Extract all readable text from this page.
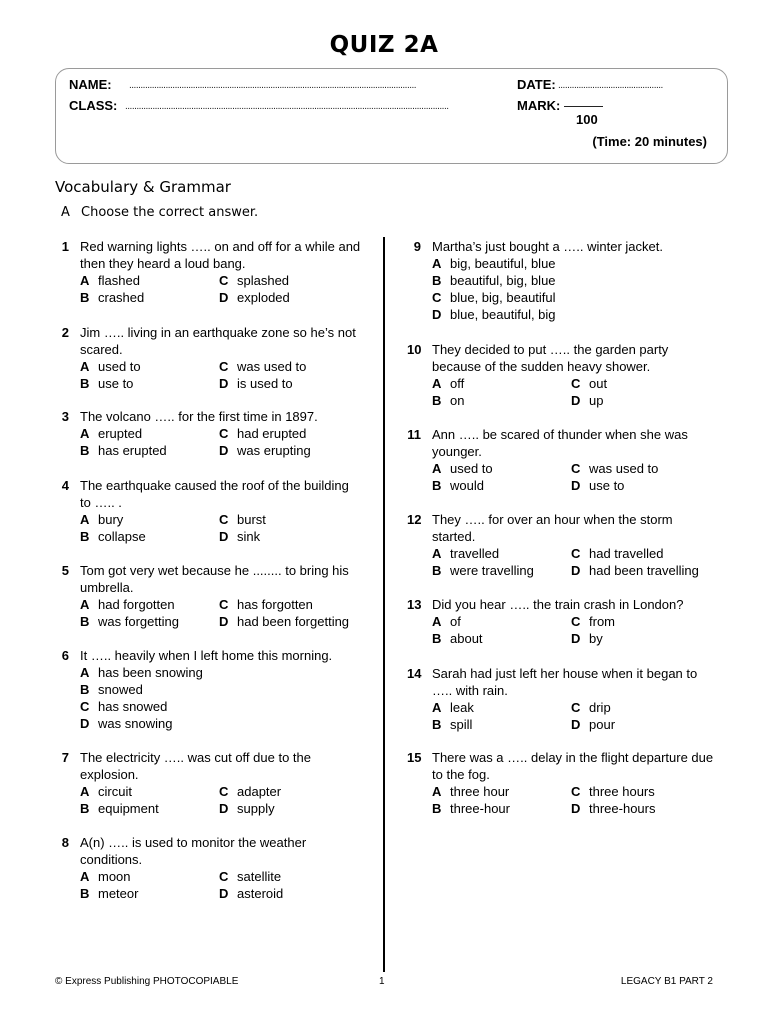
QUIZ 2A
NAME: ..............................................................................................................................	DATE: ..............................................
CLASS: ..............................................................................................................................................	MARK: ———
100
(Time: 20 minutes)
Vocabulary & Grammar
A Choose the correct answer.
1 Red warning lights ….. on and off for a while and
then they heard a loud bang.
A flashed
B crashed
C splashed
D exploded
2 Jim ….. living in an earthquake zone so he’s not
scared.
A used to
B use to
C was used to
D is used to
3 The volcano ….. for the first time in 1897.
A erupted
B has erupted
C had erupted
D was erupting
4 The earthquake caused the roof of the building
to ….. .
A bury
B collapse
C burst
D sink
5 Tom got very wet because he ........ to bring his
umbrella.
A had forgotten
B was forgetting
C has forgotten
D had been forgetting
6 It ….. heavily when I left home this morning.
A has been snowing
B snowed
C has snowed
D was snowing
7 The electricity ….. was cut off due to the
explosion.
A circuit
B equipment
C adapter
D supply
8 A(n) ….. is used to monitor the weather
conditions.
A moon
B meteor
C satellite
D asteroid
9 Martha’s just bought a ….. winter jacket.
A big, beautiful, blue
B beautiful, big, blue
C blue, big, beautiful
D blue, beautiful, big
10 They decided to put ….. the garden party
because of the sudden heavy shower.
A off
B on
C out
D up
11 Ann ….. be scared of thunder when she was
younger.
A used to
B would
C was used to
D use to
12 They ….. for over an hour when the storm
started.
A travelled
B were travelling
C had travelled
D had been travelling
13 Did you hear ….. the train crash in London?
A of
B about
C from
D by
14 Sarah had just left her house when it began to
….. with rain.
A leak
B spill
C drip
D pour
15 There was a ….. delay in the flight departure due
to the fog.
A three hour
B three-hour
C three hours
D three-hours
© Express Publishing PHOTOCOPIABLE	1	LEGACY B1 PART 2
